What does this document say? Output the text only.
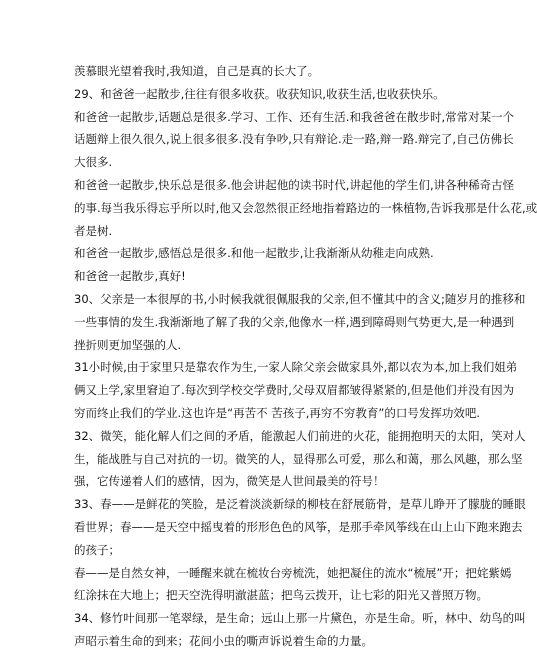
羡慕眼光望着我时,我知道，自己是真的长大了。
29、和爸爸一起散步,往往有很多收获。收获知识,收获生活,也收获快乐。
和爸爸一起散步,话题总是很多.学习、工作、还有生活.和我爸爸在散步时,常常对某一个
话题辩上很久很久,说上很多很多.没有争吵,只有辩论.走一路,辩一路.辩完了,自己仿佛长
大很多.
和爸爸一起散步,快乐总是很多.他会讲起他的读书时代,讲起他的学生们,讲各种稀奇古怪
的事.每当我乐得忘乎所以时,他又会忽然很正经地指着路边的一株植物,告诉我那是什么花,或
者是树.
和爸爸一起散步,感悟总是很多.和他一起散步,让我渐渐从幼稚走向成熟.
和爸爸一起散步,真好!
30、父亲是一本很厚的书,小时候我就很佩服我的父亲,但不懂其中的含义;随岁月的推移和
一些事情的发生.我渐渐地了解了我的父亲,他像水一样,遇到障碍则气势更大,是一种遇到
挫折则更加坚强的人.
31小时候,由于家里只是靠农作为生,一家人除父亲会做家具外,都以农为本,加上我们姐弟
俩又上学,家里窘迫了.每次到学校交学费时,父母双眉都皱得紧紧的,但是他们并没有因为
穷而终止我们的学业.这也许是“再苦不 苦孩子,再穷不穷教育”的口号发挥功效吧.
32、微笑，能化解人们之间的矛盾，能激起人们前进的火花，能拥抱明天的太阳，笑对人
生，能战胜与自己对抗的一切。微笑的人，显得那么可爱，那么和蔼，那么风趣，那么坚
强，它传递着人们的感情，因为，微笑是人世间最美的符号！
33、春——是鲜花的笑脸，是泛着淡淡新绿的柳枝在舒展筋骨，是草儿睁开了朦胧的睡眼
看世界；春——是天空中摇曳着的形形色色的风筝，是那手牵风筝线在山上山下跑来跑去
的孩子；
春——是自然女神，一睡醒来就在梳妆台旁梳洗，她把凝住的流水“梳展”开；把姹紫嫣
红涂抹在大地上；把天空洗得明澈湛蓝；把鸟云拨开，让七彩的阳光又普照万物。
34、修竹叶间那一笔翠绿，是生命；远山上那一片黛色，亦是生命。听，林中、幼鸟的叫
声昭示着生命的到来；花间小虫的嘶声诉说着生命的力量。
